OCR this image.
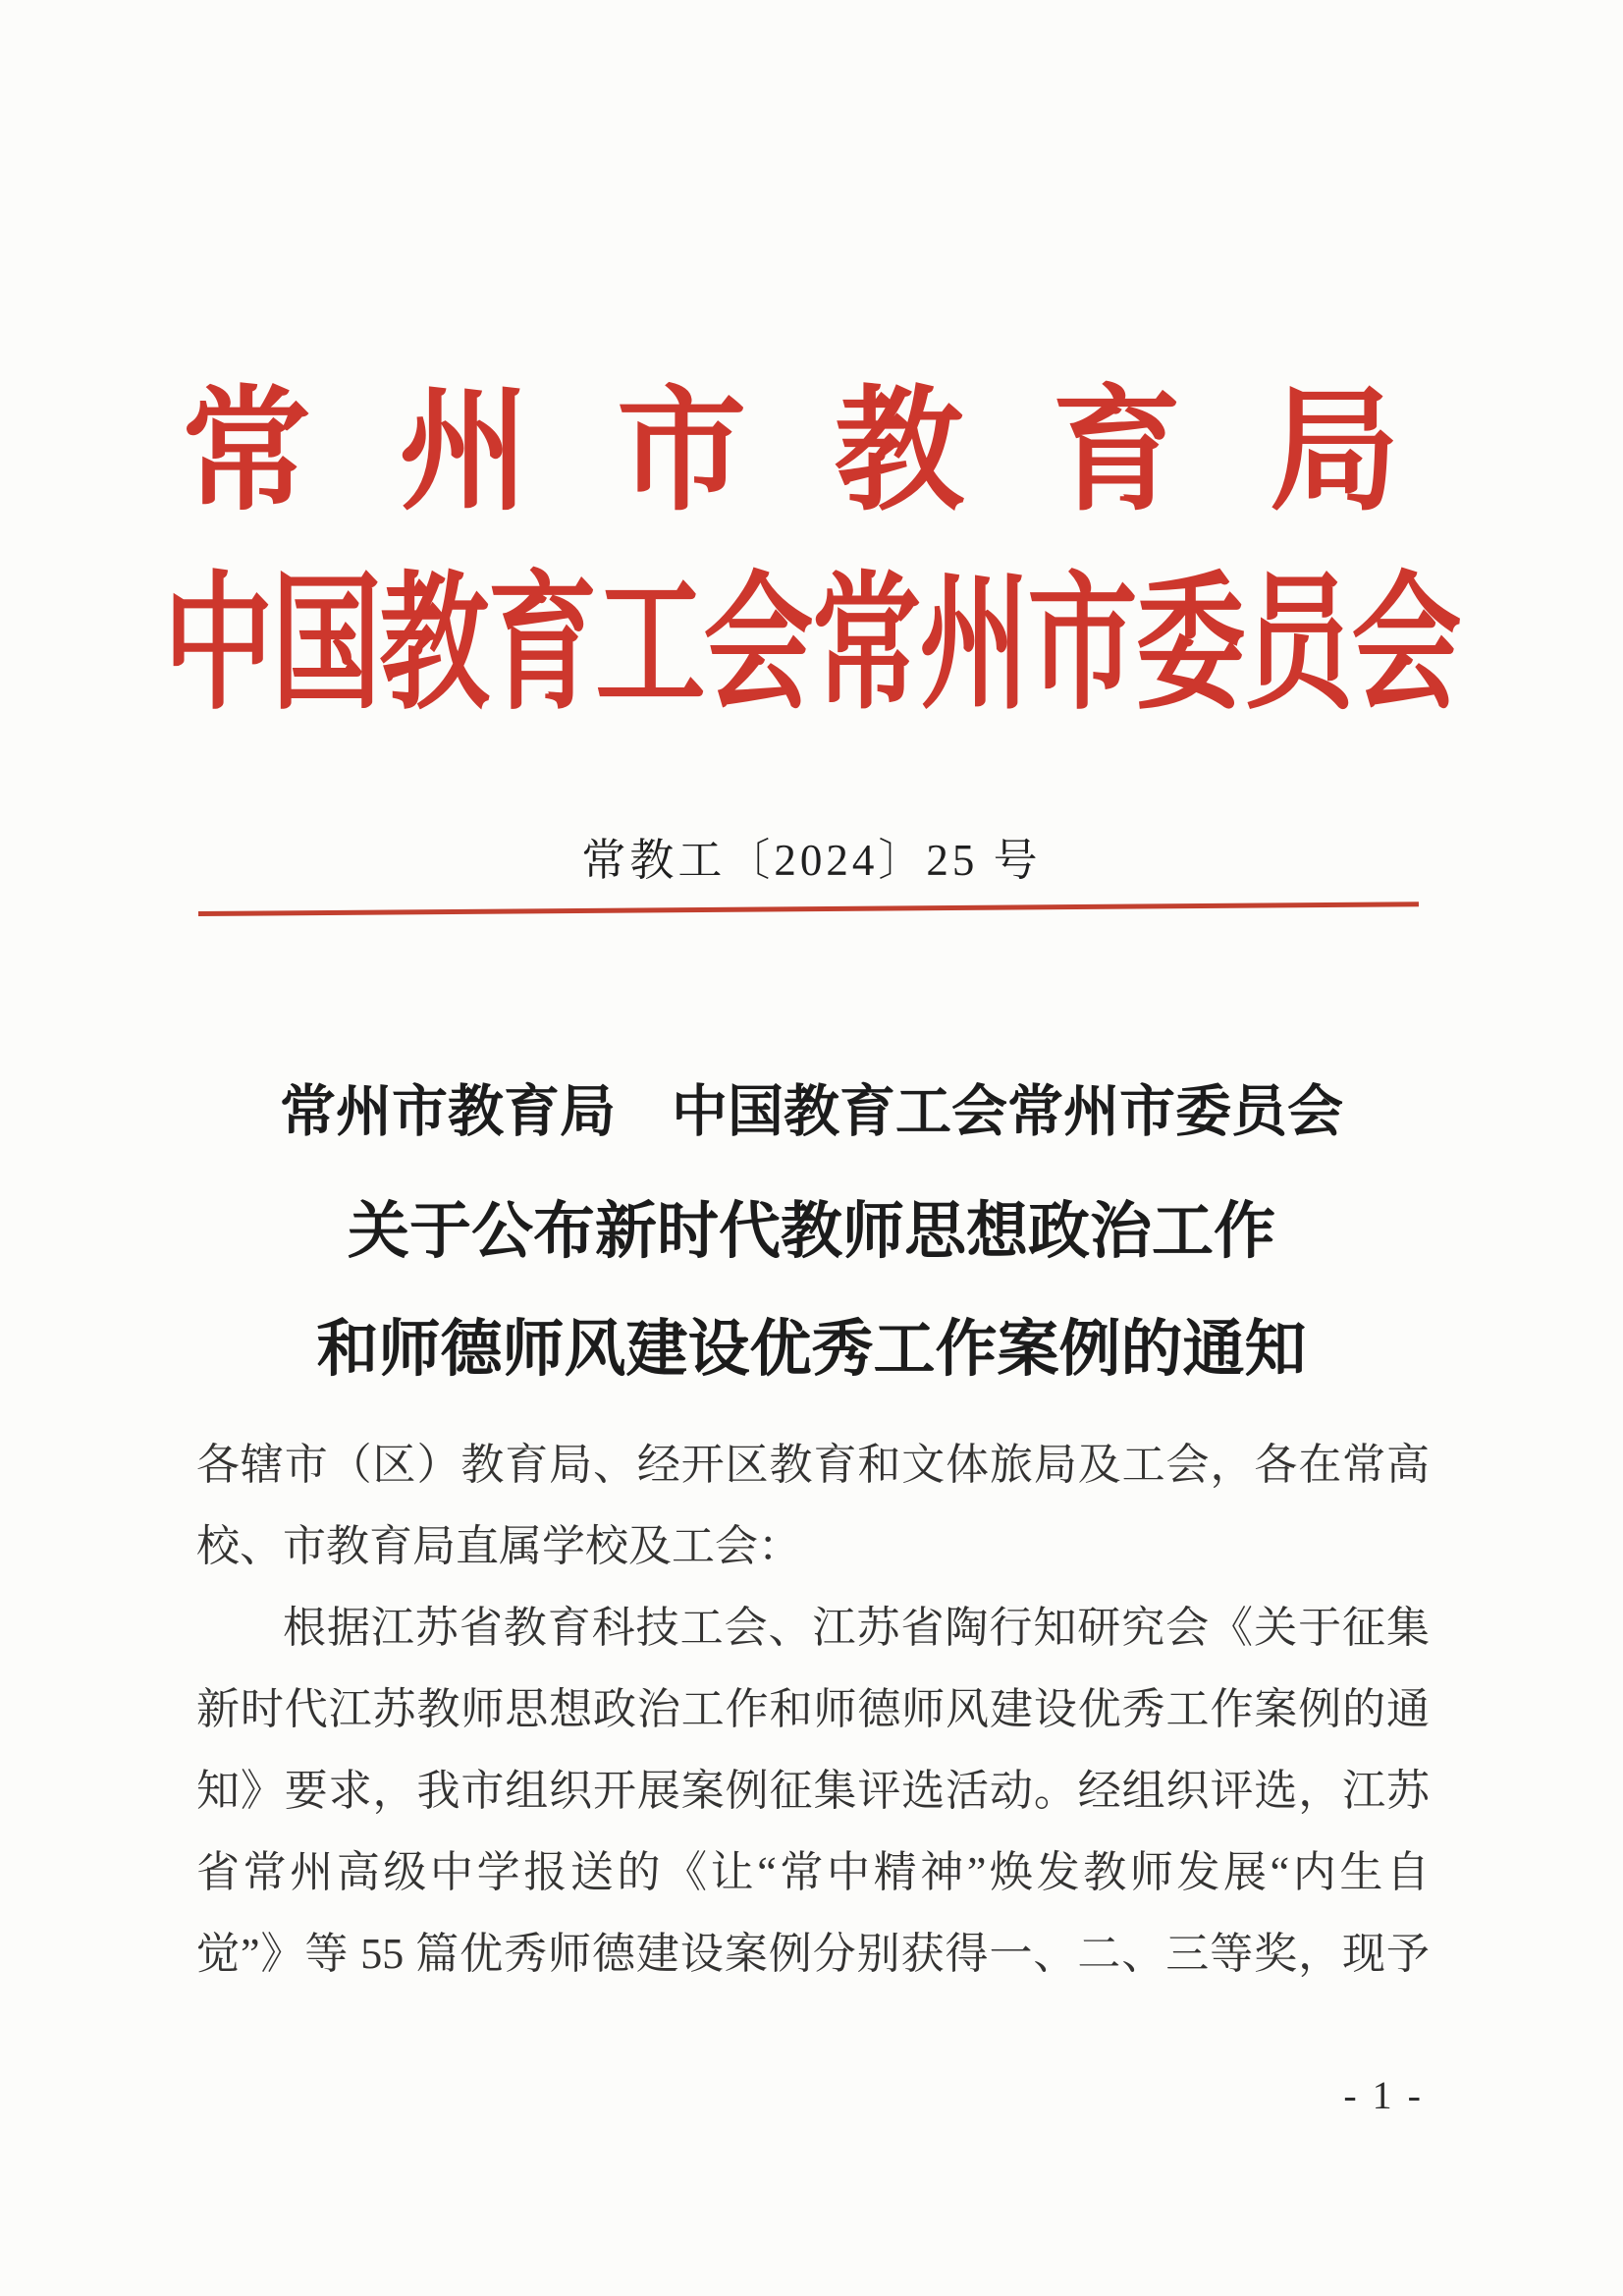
常 州 市 教 育 局
中国教育工会常州市委员会
常教工〔2024〕25 号
常州市教育局　中国教育工会常州市委员会
关于公布新时代教师思想政治工作
和师德师风建设优秀工作案例的通知

各辖市（区）教育局、经开区教育和文体旅局及工会，各在常高

校、市教育局直属学校及工会：

根据江苏省教育科技工会、江苏省陶行知研究会《关于征集

新时代江苏教师思想政治工作和师德师风建设优秀工作案例的通

知》要求，我市组织开展案例征集评选活动。经组织评选，江苏

省常州高级中学报送的《让“常中精神”焕发教师发展“内生自

觉”》等 55 篇优秀师德建设案例分别获得一、二、三等奖，现予

- 1 -
